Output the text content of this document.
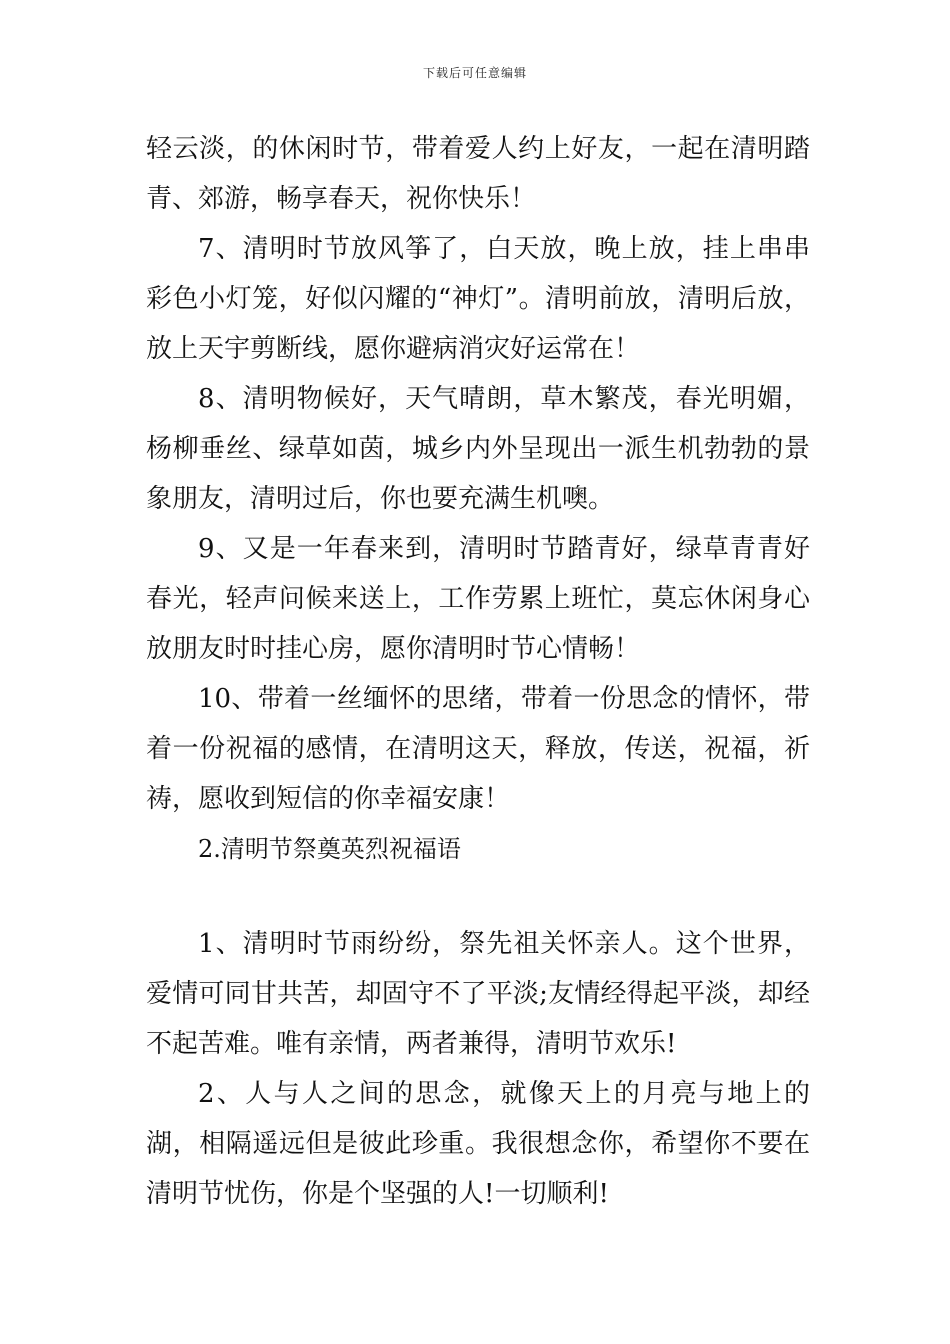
下载后可任意编辑

轻云淡，的休闲时节，带着爱人约上好友，一起在清明踏青、郊游，畅享春天，祝你快乐！

7、清明时节放风筝了，白天放，晚上放，挂上串串彩色小灯笼，好似闪耀的“神灯”。清明前放，清明后放，放上天宇剪断线，愿你避病消灾好运常在！

8、清明物候好，天气晴朗，草木繁茂，春光明媚，杨柳垂丝、绿草如茵，城乡内外呈现出一派生机勃勃的景象朋友，清明过后，你也要充满生机噢。

9、又是一年春来到，清明时节踏青好，绿草青青好春光，轻声问候来送上，工作劳累上班忙，莫忘休闲身心放朋友时时挂心房，愿你清明时节心情畅！

10、带着一丝缅怀的思绪，带着一份思念的情怀，带着一份祝福的感情，在清明这天，释放，传送，祝福，祈祷，愿收到短信的你幸福安康！

2.清明节祭奠英烈祝福语

1、清明时节雨纷纷，祭先祖关怀亲人。这个世界，爱情可同甘共苦，却固守不了平淡;友情经得起平淡，却经不起苦难。唯有亲情，两者兼得，清明节欢乐!

2、人与人之间的思念，就像天上的月亮与地上的湖，相隔遥远但是彼此珍重。我很想念你，希望你不要在清明节忧伤，你是个坚强的人!一切顺利!
